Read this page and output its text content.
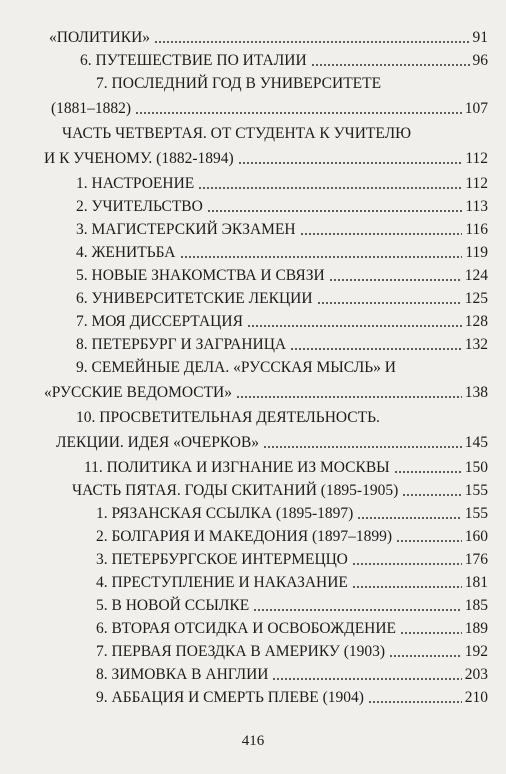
«ПОЛИТИКИ»	91
6. ПУТЕШЕСТВИЕ ПО ИТАЛИИ	96
7. ПОСЛЕДНИЙ ГОД В УНИВЕРСИТЕТЕ
(1881–1882)	107
ЧАСТЬ ЧЕТВЕРТАЯ. ОТ СТУДЕНТА К УЧИТЕЛЮ
И К УЧЕНОМУ. (1882-1894)	112
1. НАСТРОЕНИЕ	112
2. УЧИТЕЛЬСТВО	113
3. МАГИСТЕРСКИЙ ЭКЗАМЕН	116
4. ЖЕНИТЬБА	119
5. НОВЫЕ ЗНАКОМСТВА И СВЯЗИ	124
6. УНИВЕРСИТЕТСКИЕ ЛЕКЦИИ	125
7. МОЯ ДИССЕРТАЦИЯ	128
8. ПЕТЕРБУРГ И ЗАГРАНИЦА	132
9. СЕМЕЙНЫЕ ДЕЛА. «РУССКАЯ МЫСЛЬ» И
«РУССКИЕ ВЕДОМОСТИ»	138
10. ПРОСВЕТИТЕЛЬНАЯ ДЕЯТЕЛЬНОСТЬ.
ЛЕКЦИИ. ИДЕЯ «ОЧЕРКОВ»	145
11. ПОЛИТИКА И ИЗГНАНИЕ ИЗ МОСКВЫ	150
ЧАСТЬ ПЯТАЯ. ГОДЫ СКИТАНИЙ (1895-1905)	155
1. РЯЗАНСКАЯ ССЫЛКА (1895-1897)	155
2. БОЛГАРИЯ И МАКЕДОНИЯ (1897–1899)	160
3. ПЕТЕРБУРГСКОЕ ИНТЕРМЕЦЦО	176
4. ПРЕСТУПЛЕНИЕ И НАКАЗАНИЕ	181
5. В НОВОЙ ССЫЛКЕ	185
6. ВТОРАЯ ОТСИДКА И ОСВОБОЖДЕНИЕ	189
7. ПЕРВАЯ ПОЕЗДКА В АМЕРИКУ (1903)	192
8. ЗИМОВКА В АНГЛИИ	203
9. АББАЦИЯ И СМЕРТЬ ПЛЕВЕ (1904)	210
416
